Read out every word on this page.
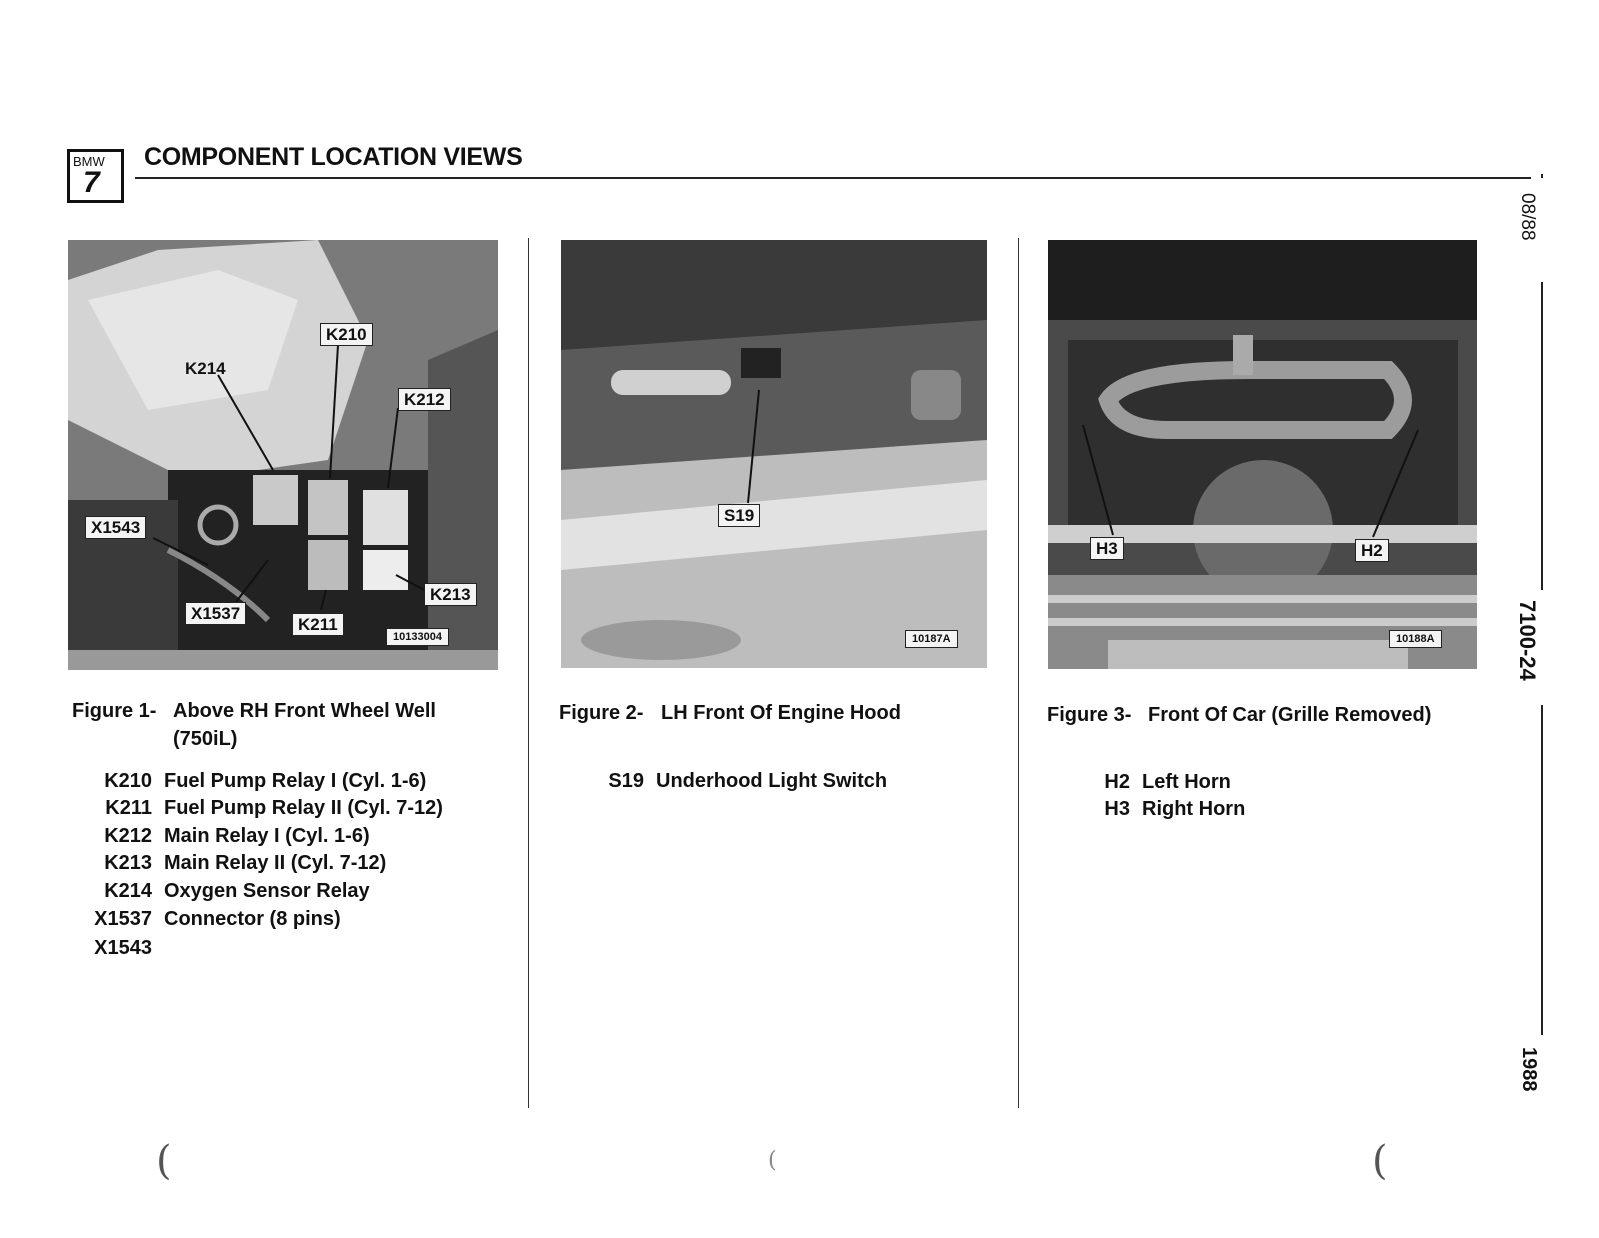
BMW
7
COMPONENT LOCATION VIEWS
08/88
7100-24
1988
K210
K214
K212
X1543
X1537
K211
K213
10133004
S19
10187A
H3	H2
10188A
Figure 1- Above RH Front Wheel Well
(750iL)
K210 Fuel Pump Relay I (Cyl. 1-6)
K211 Fuel Pump Relay II (Cyl. 7-12)
K212 Main Relay I (Cyl. 1-6)
K213 Main Relay II (Cyl. 7-12)
K214 Oxygen Sensor Relay
X1537 Connector (8 pins)
X1543
Figure 2- LH Front Of Engine Hood
S19 Underhood Light Switch
Figure 3- Front Of Car (Grille Removed)
H2 Left Horn
H3 Right Horn
(	(	(
